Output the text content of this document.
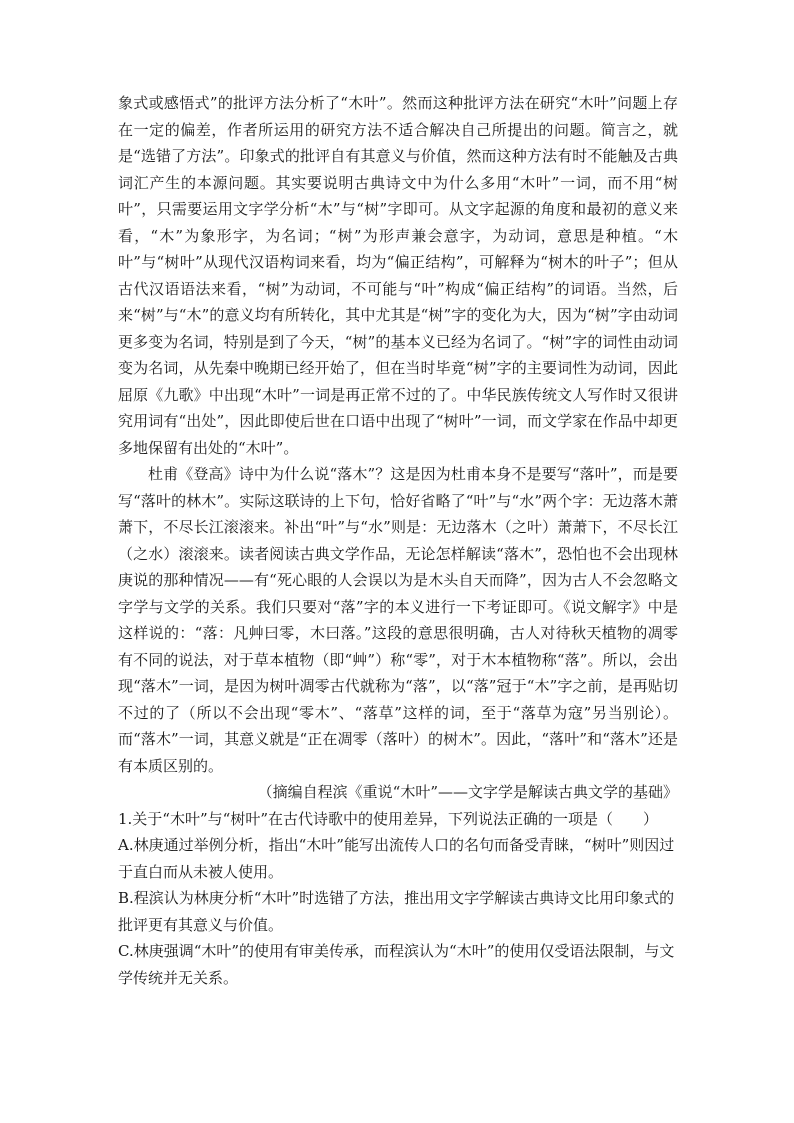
象式或感悟式”的批评方法分析了“木叶”。然而这种批评方法在研究“木叶”问题上存在一定的偏差，作者所运用的研究方法不适合解决自己所提出的问题。简言之，就是“选错了方法”。印象式的批评自有其意义与价值，然而这种方法有时不能触及古典词汇产生的本源问题。其实要说明古典诗文中为什么多用“木叶”一词，而不用“树叶”，只需要运用文字学分析“木”与“树”字即可。从文字起源的角度和最初的意义来看，“木”为象形字，为名词；“树”为形声兼会意字，为动词，意思是种植。“木叶”与“树叶”从现代汉语构词来看，均为“偏正结构”，可解释为“树木的叶子”；但从古代汉语语法来看，“树”为动词，不可能与“叶”构成“偏正结构”的词语。当然，后来“树”与“木”的意义均有所转化，其中尤其是“树”字的变化为大，因为“树”字由动词更多变为名词，特别是到了今天，“树”的基本义已经为名词了。“树”字的词性由动词变为名词，从先秦中晚期已经开始了，但在当时毕竟“树”字的主要词性为动词，因此屈原《九歌》中出现“木叶”一词是再正常不过的了。中华民族传统文人写作时又很讲究用词有“出处”，因此即使后世在口语中出现了“树叶”一词，而文学家在作品中却更多地保留有出处的“木叶”。

杜甫《登高》诗中为什么说“落木”？这是因为杜甫本身不是要写“落叶”，而是要写“落叶的林木”。实际这联诗的上下句，恰好省略了“叶”与“水”两个字：无边落木萧萧下，不尽长江滚滚来。补出“叶”与“水”则是：无边落木（之叶）萧萧下，不尽长江（之水）滚滚来。读者阅读古典文学作品，无论怎样解读“落木”，恐怕也不会出现林庚说的那种情况——有“死心眼的人会误以为是木头自天而降”，因为古人不会忽略文字学与文学的关系。我们只要对“落”字的本义进行一下考证即可。《说文解字》中是这样说的：“落：凡艸曰零，木曰落。”这段的意思很明确，古人对待秋天植物的凋零有不同的说法，对于草本植物（即“艸”）称“零”，对于木本植物称“落”。所以，会出现“落木”一词，是因为树叶凋零古代就称为“落”，以“落”冠于“木”字之前，是再贴切不过的了（所以不会出现“零木”、“落草”这样的词，至于“落草为寇”另当别论）。而“落木”一词，其意义就是“正在凋零（落叶）的树木”。因此，“落叶”和“落木”还是有本质区别的。

（摘编自程滨《重说“木叶”——文字学是解读古典文学的基础》

1.关于“木叶”与“树叶”在古代诗歌中的使用差异，下列说法正确的一项是（　　）

A.林庚通过举例分析，指出“木叶”能写出流传人口的名句而备受青睐，“树叶”则因过于直白而从未被人使用。

B.程滨认为林庚分析“木叶”时选错了方法，推出用文字学解读古典诗文比用印象式的批评更有其意义与价值。

C.林庚强调“木叶”的使用有审美传承，而程滨认为“木叶”的使用仅受语法限制，与文学传统并无关系。
